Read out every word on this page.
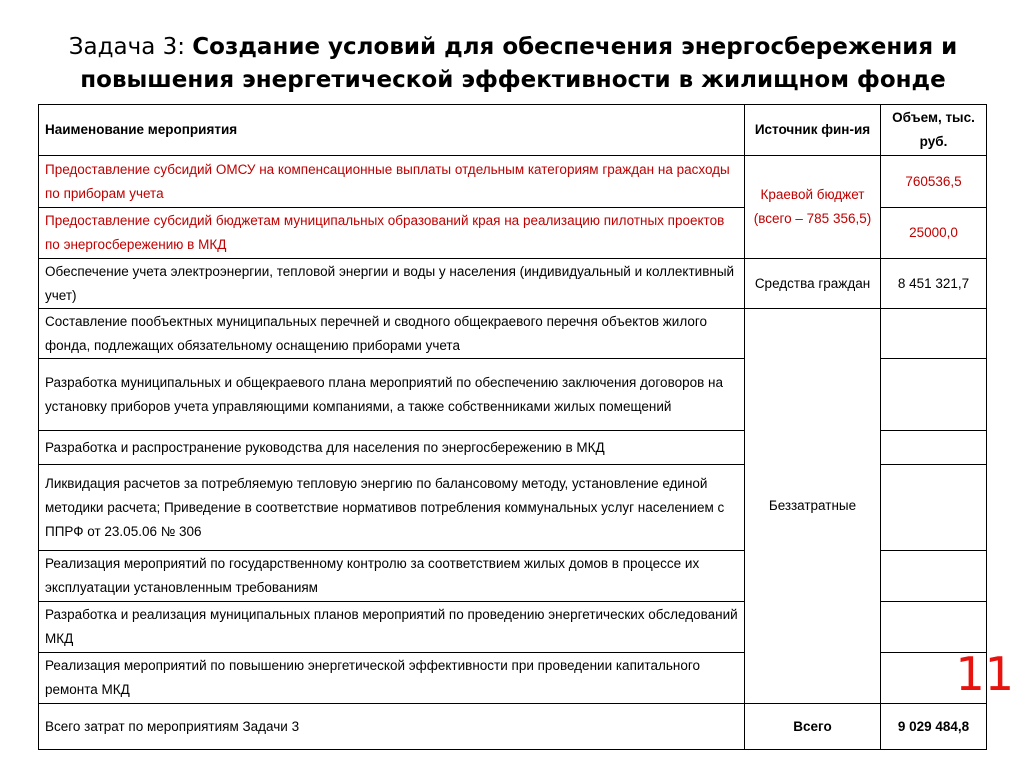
Задача 3: Создание условий для обеспечения энергосбережения и повышения энергетической эффективности в жилищном фонде
Наименование мероприятия	Источник фин-ия	Объем, тыс. руб.
Предоставление субсидий ОМСУ на компенсационные выплаты отдельным категориям граждан на расходы по приборам учета	Краевой бюджет (всего – 785 356,5)	760536,5
Предоставление субсидий бюджетам муниципальных образований края на реализацию пилотных проектов по энергосбережению в МКД		25000,0
Обеспечение учета электроэнергии, тепловой энергии и воды у населения (индивидуальный и коллективный учет)	Средства граждан	8 451 321,7
Составление пообъектных муниципальных перечней и сводного общекраевого перечня объектов жилого фонда, подлежащих обязательному оснащению приборами учета	Беззатратные	
Разработка муниципальных и общекраевого плана мероприятий по обеспечению заключения договоров на установку приборов учета управляющими компаниями, а также собственниками жилых помещений		
Разработка и распространение руководства для населения по энергосбережению в МКД		
Ликвидация расчетов за потребляемую тепловую энергию по балансовому методу, установление единой методики расчета; Приведение в соответствие нормативов потребления коммунальных услуг населением с ППРФ от 23.05.06 № 306		
Реализация мероприятий по государственному контролю за соответствием жилых домов в процессе их эксплуатации установленным требованиям		
Разработка и реализация муниципальных планов мероприятий по проведению энергетических обследований МКД		
Реализация мероприятий по повышению энергетической эффективности при проведении капитального ремонта МКД		
Всего затрат по мероприятиям Задачи 3	Всего	9 029 484,8
11
